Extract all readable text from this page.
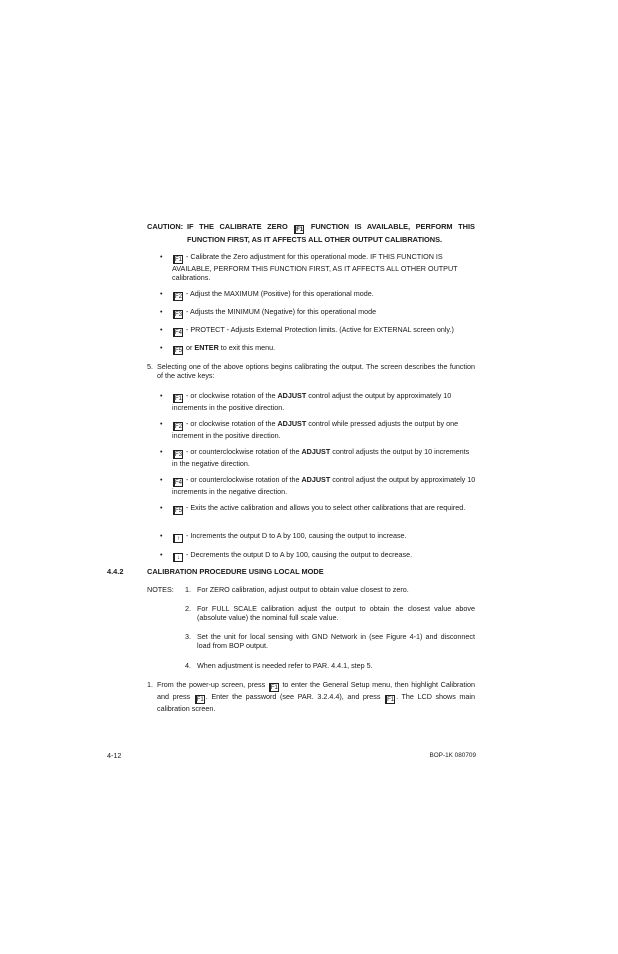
CAUTION: IF THE CALIBRATE ZERO F1 FUNCTION IS AVAILABLE, PERFORM THIS FUNCTION FIRST, AS IT AFFECTS ALL OTHER OUTPUT CALIBRATIONS.
•	F1 - Calibrate the Zero adjustment for this operational mode. IF THIS FUNCTION IS AVAILABLE, PERFORM THIS FUNCTION FIRST, AS IT AFFECTS ALL OTHER OUTPUT calibrations.
•	F2 - Adjust the MAXIMUM (Positive) for this operational mode.
•	F3 - Adjusts the MINIMUM (Negative) for this operational mode
•	F4 - PROTECT - Adjusts External Protection limits. (Active for EXTERNAL screen only.)
•	F5 or ENTER to exit this menu.
5. Selecting one of the above options begins calibrating the output. The screen describes the function of the active keys:
•	F1 - or clockwise rotation of the ADJUST control adjust the output by approximately 10 increments in the positive direction.
•	F2 - or clockwise rotation of the ADJUST control while pressed adjusts the output by one increment in the positive direction.
•	F3 - or counterclockwise rotation of the ADJUST control adjusts the output by 10 increments in the negative direction.
•	F4 - or counterclockwise rotation of the ADJUST control adjust the output by approximately 10 increments in the negative direction.
•	F5 - Exits the active calibration and allows you to select other calibrations that are required.
•	↑ - Increments the output D to A by 100, causing the output to increase.
•	↓ - Decrements the output D to A by 100, causing the output to decrease.
4.4.2	CALIBRATION PROCEDURE USING LOCAL MODE
NOTES: 1. For ZERO calibration, adjust output to obtain value closest to zero.
2. For FULL SCALE calibration adjust the output to obtain the closest value above (absolute value) the nominal full scale value.
3. Set the unit for local sensing with GND Network in (see Figure 4-1) and disconnect load from BOP output.
4. When adjustment is needed refer to PAR. 4.4.1, step 5.
1. From the power-up screen, press F1 to enter the General Setup menu, then highlight Calibration and press F1 . Enter the password (see PAR. 3.2.4.4), and press F1 . The LCD shows main calibration screen.
4-12	BOP-1K 080709
